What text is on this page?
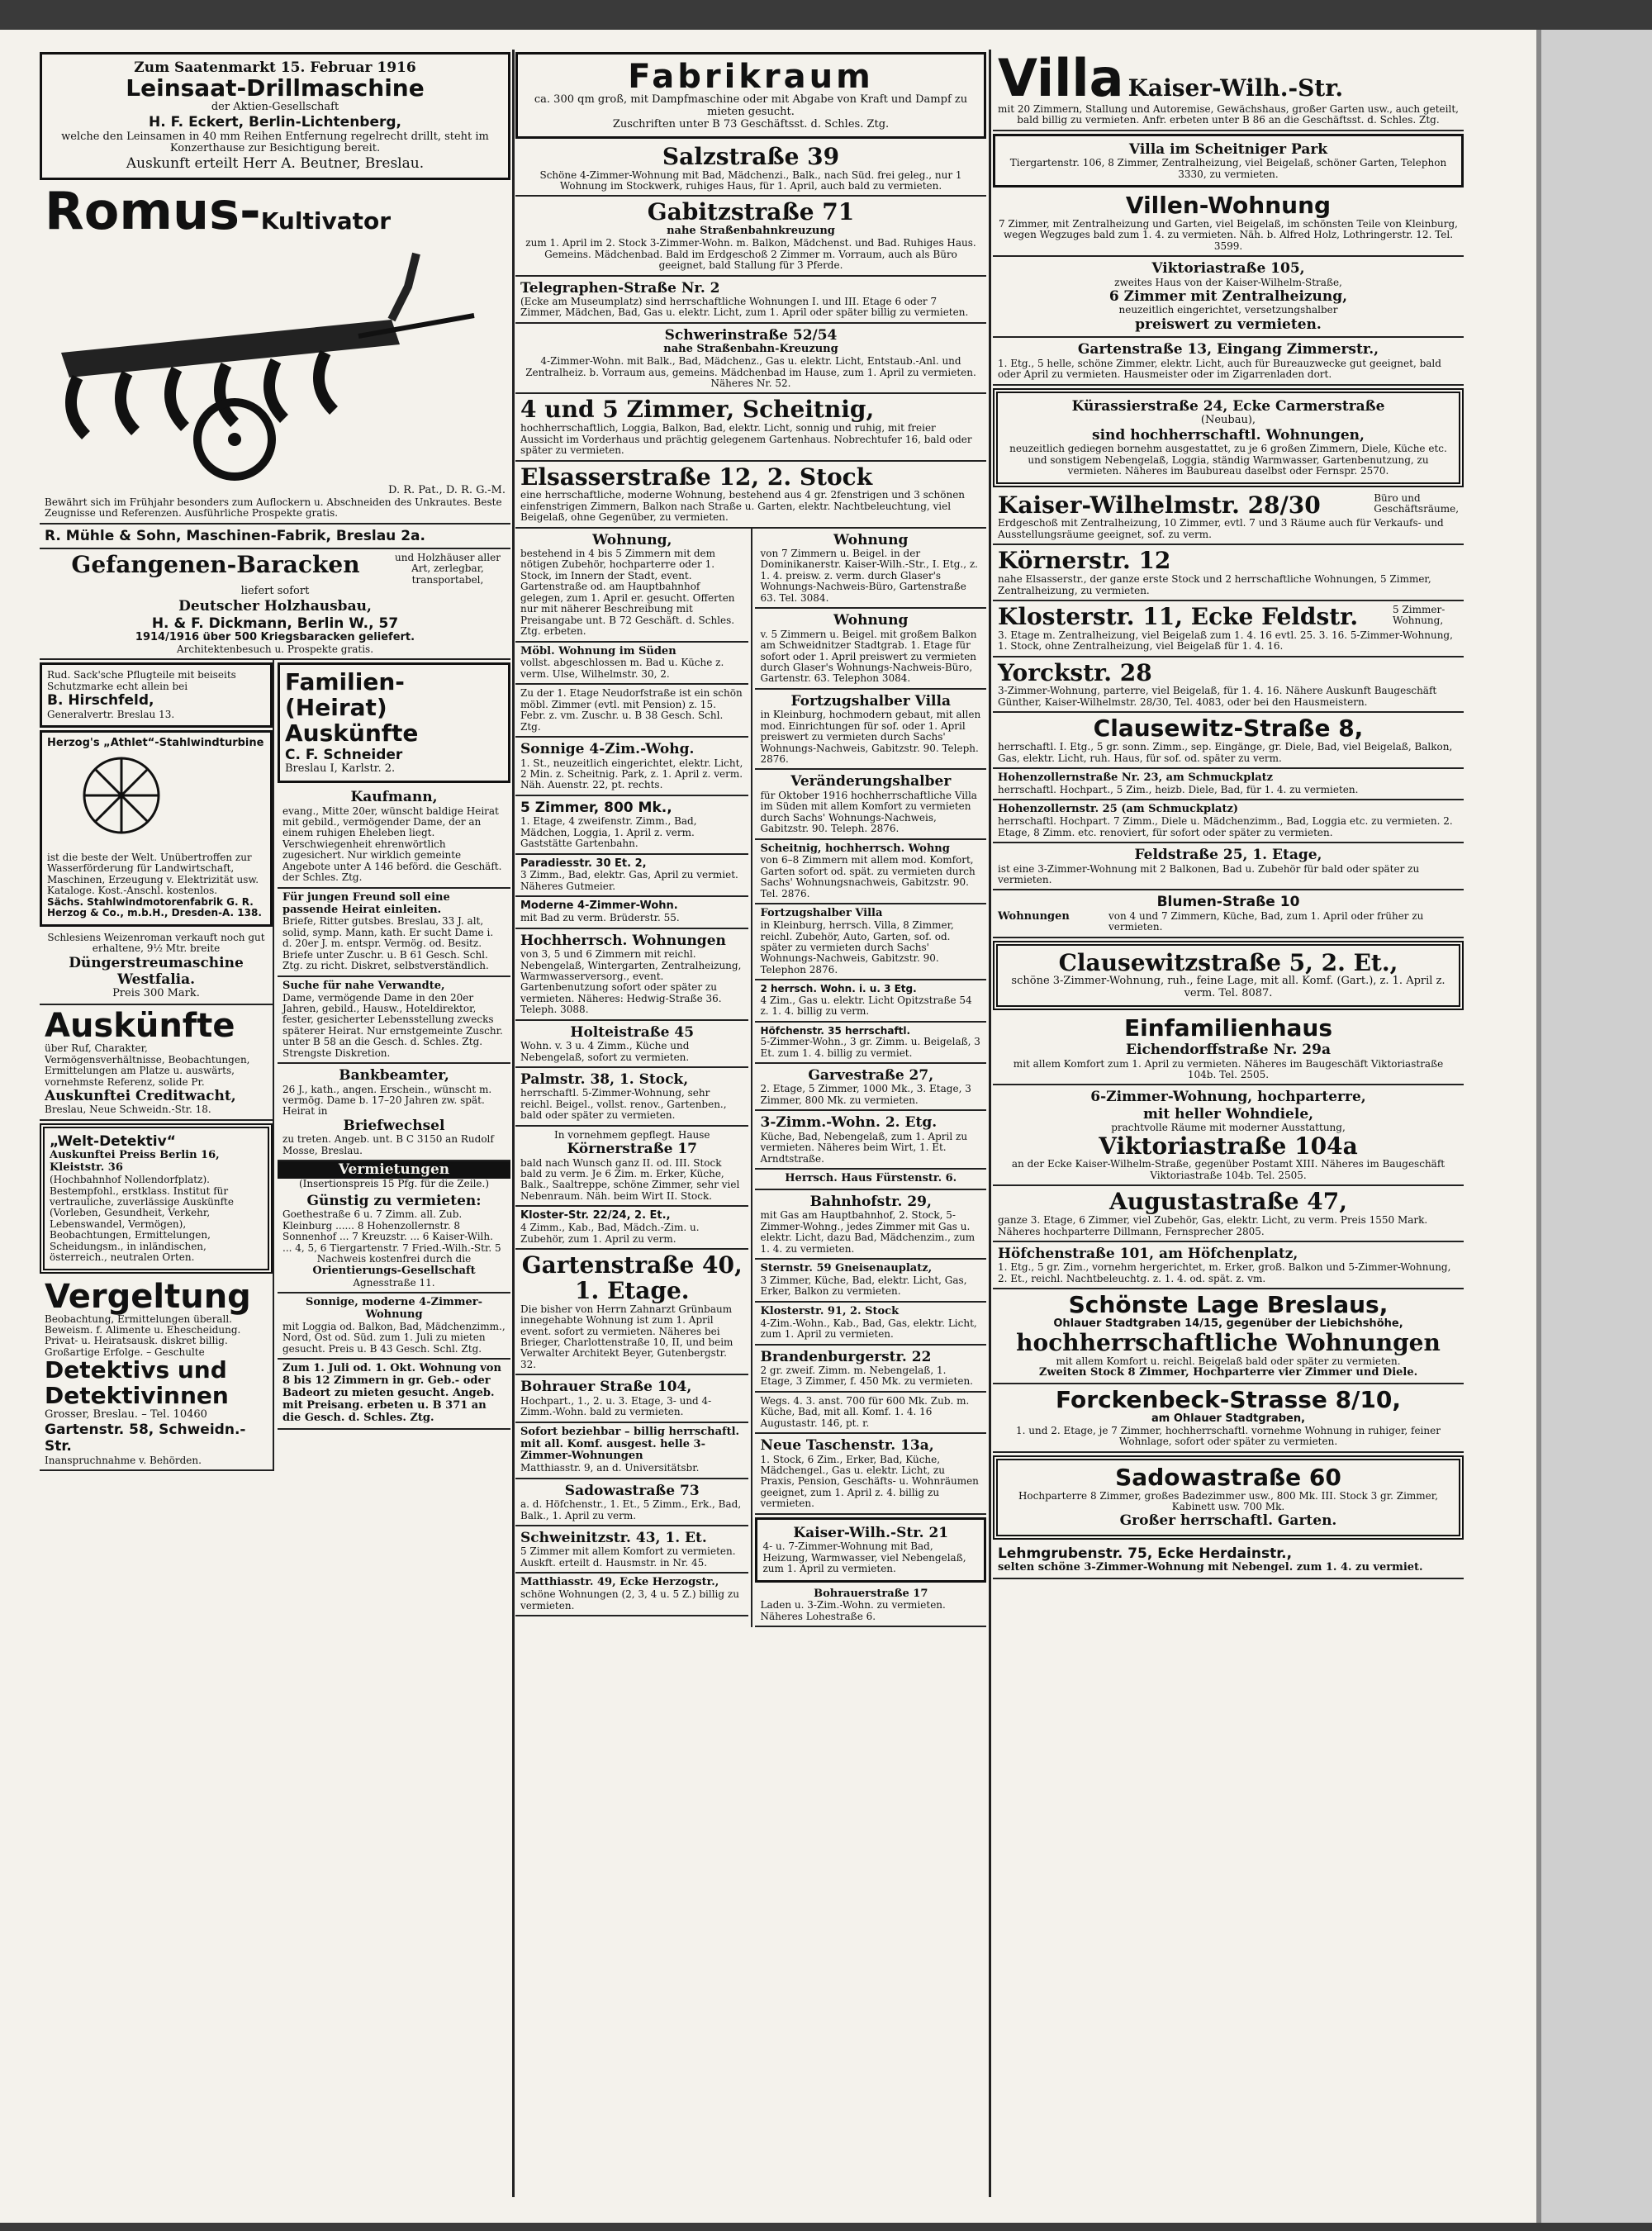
Zum Saatenmarkt 15. Februar 1916
Leinsaat-Drillmaschine
der Aktien-Gesellschaft
H. F. Eckert, Berlin-Lichtenberg,
welche den Leinsamen in 40 mm Reihen Entfernung regelrecht drillt, steht im Konzerthause zur Besichtigung bereit.
Auskunft erteilt Herr A. Beutner, Breslau.
Romus-Kultivator
D. R. Pat., D. R. G.-M.
Bewährt sich im Frühjahr besonders zum Auflockern u. Abschneiden des Unkrautes. Beste Zeugnisse und Referenzen. Ausführliche Prospekte gratis.
R. Mühle & Sohn, Maschinen-Fabrik, Breslau 2a.
Gefangenen-Baracken	und Holzhäuser aller Art, zerlegbar, transportabel,
liefert sofort
Deutscher Holzhausbau,
H. & F. Dickmann, Berlin W., 57
1914/1916 über 500 Kriegsbaracken geliefert.
Architektenbesuch u. Prospekte gratis.
Rud. Sack'sche Pflugteile mit beiseits Schutzmarke echt allein bei
B. Hirschfeld,
Generalvertr. Breslau 13.
Herzog's „Athlet“-Stahlwindturbine
ist die beste der Welt. Unübertroffen zur Wasserförderung für Landwirtschaft, Maschinen, Erzeugung v. Elektrizität usw. Kataloge. Kost.-Anschl. kostenlos.
Sächs. Stahlwindmotorenfabrik G. R. Herzog & Co., m.b.H., Dresden-A. 138.
Schlesiens Weizenroman verkauft noch gut erhaltene, 9½ Mtr. breite
Düngerstreumaschine Westfalia.
Preis 300 Mark.
Auskünfte
über Ruf, Charakter, Vermögensverhältnisse, Beobachtungen, Ermittelungen am Platze u. auswärts, vornehmste Referenz, solide Pr.
Auskunftei Creditwacht,
Breslau, Neue Schweidn.-Str. 18.
„Welt-Detektiv“
Auskunftei Preiss Berlin 16, Kleiststr. 36
(Hochbahnhof Nollendorfplatz). Bestempfohl., erstklass. Institut für vertrauliche, zuverlässige Auskünfte (Vorleben, Gesundheit, Verkehr, Lebenswandel, Vermögen), Beobachtungen, Ermittelungen, Scheidungsm., in inländischen, österreich., neutralen Orten.
Vergeltung
Beobachtung, Ermittelungen überall. Beweism. f. Alimente u. Ehescheidung. Privat- u. Heiratsausk. diskret billig. Großartige Erfolge. – Geschulte
Detektivs und Detektivinnen
Grosser, Breslau. – Tel. 10460
Gartenstr. 58, Schweidn.-Str.
Inanspruchnahme v. Behörden.
Familien-(Heirat) Auskünfte
C. F. Schneider
Breslau I, Karlstr. 2.
Kaufmann,
evang., Mitte 20er, wünscht baldige Heirat mit gebild., vermögender Dame, der an einem ruhigen Eheleben liegt. Verschwiegenheit ehrenwörtlich zugesichert. Nur wirklich gemeinte Angebote unter A 146 beförd. die Geschäft. der Schles. Ztg.
Für jungen Freund soll eine passende Heirat einleiten.
Briefe, Ritter gutsbes. Breslau, 33 J. alt, solid, symp. Mann, kath. Er sucht Dame i. d. 20er J. m. entspr. Vermög. od. Besitz. Briefe unter Zuschr. u. B 61 Gesch. Schl. Ztg. zu richt. Diskret, selbstverständlich.
Suche für nahe Verwandte,
Dame, vermögende Dame in den 20er Jahren, gebild., Hausw., Hoteldirektor, fester, gesicherter Lebensstellung zwecks späterer Heirat. Nur ernstgemeinte Zuschr. unter B 58 an die Gesch. d. Schles. Ztg. Strengste Diskretion.
Bankbeamter,
26 J., kath., angen. Erschein., wünscht m. vermög. Dame b. 17–20 Jahren zw. spät. Heirat in
Briefwechsel
zu treten. Angeb. unt. B C 3150 an Rudolf Mosse, Breslau.
Vermietungen
(Insertionspreis 15 Pfg. für die Zeile.)
Günstig zu vermieten:
Goethestraße 6 u. 7 Zimm. all. Zub. Kleinburg ...... 8 Hohenzollernstr. 8 Sonnenhof ... 7 Kreuzstr. ... 6 Kaiser-Wilh. ... 4, 5, 6 Tiergartenstr. 7 Fried.-Wilh.-Str. 5
Nachweis kostenfrei durch die
Orientierungs-Gesellschaft
Agnesstraße 11.
Sonnige, moderne 4-Zimmer-Wohnung
mit Loggia od. Balkon, Bad, Mädchenzimm., Nord, Ost od. Süd. zum 1. Juli zu mieten gesucht. Preis u. B 43 Gesch. Schl. Ztg.
Zum 1. Juli od. 1. Okt. Wohnung von 8 bis 12 Zimmern in gr. Geb.- oder Badeort zu mieten gesucht. Angeb. mit Preisang. erbeten u. B 371 an die Gesch. d. Schles. Ztg.
Fabrikraum
ca. 300 qm groß, mit Dampfmaschine oder mit Abgabe von Kraft und Dampf zu mieten gesucht.
Zuschriften unter B 73 Geschäftsst. d. Schles. Ztg.
Salzstraße 39
Schöne 4-Zimmer-Wohnung mit Bad, Mädchenzi., Balk., nach Süd. frei geleg., nur 1 Wohnung im Stockwerk, ruhiges Haus, für 1. April, auch bald zu vermieten.
Gabitzstraße 71
nahe Straßenbahnkreuzung
zum 1. April im 2. Stock 3-Zimmer-Wohn. m. Balkon, Mädchenst. und Bad. Ruhiges Haus. Gemeins. Mädchenbad. Bald im Erdgeschoß 2 Zimmer m. Vorraum, auch als Büro geeignet, bald Stallung für 3 Pferde.
Telegraphen-Straße Nr. 2
(Ecke am Museumplatz) sind herrschaftliche Wohnungen I. und III. Etage 6 oder 7 Zimmer, Mädchen, Bad, Gas u. elektr. Licht, zum 1. April oder später billig zu vermieten.
Schwerinstraße 52/54
nahe Straßenbahn-Kreuzung
4-Zimmer-Wohn. mit Balk., Bad, Mädchenz., Gas u. elektr. Licht, Entstaub.-Anl. und Zentralheiz. b. Vorraum aus, gemeins. Mädchenbad im Hause, zum 1. April zu vermieten. Näheres Nr. 52.
4 und 5 Zimmer, Scheitnig,
hochherrschaftlich, Loggia, Balkon, Bad, elektr. Licht, sonnig und ruhig, mit freier Aussicht im Vorderhaus und prächtig gelegenem Gartenhaus. Nobrechtufer 16, bald oder später zu vermieten.
Elsasserstraße 12, 2. Stock
eine herrschaftliche, moderne Wohnung, bestehend aus 4 gr. 2fenstrigen und 3 schönen einfenstrigen Zimmern, Balkon nach Straße u. Garten, elektr. Nachtbeleuchtung, viel Beigelaß, ohne Gegenüber, zu vermieten.
Wohnung,
bestehend in 4 bis 5 Zimmern mit dem nötigen Zubehör, hochparterre oder 1. Stock, im Innern der Stadt, event. Gartenstraße od. am Hauptbahnhof gelegen, zum 1. April er. gesucht. Offerten nur mit näherer Beschreibung mit Preisangabe unt. B 72 Geschäft. d. Schles. Ztg. erbeten.
Möbl. Wohnung im Süden
vollst. abgeschlossen m. Bad u. Küche z. verm. Ulse, Wilhelmstr. 30, 2.
Zu der 1. Etage Neudorfstraße ist ein schön möbl. Zimmer (evtl. mit Pension) z. 15. Febr. z. vm. Zuschr. u. B 38 Gesch. Schl. Ztg.
Sonnige 4-Zim.-Wohg.
1. St., neuzeitlich eingerichtet, elektr. Licht, 2 Min. z. Scheitnig. Park, z. 1. April z. verm. Näh. Auenstr. 22, pt. rechts.
5 Zimmer, 800 Mk.,
1. Etage, 4 zweifenstr. Zimm., Bad, Mädchen, Loggia, 1. April z. verm. Gaststätte Gartenbahn.
Paradiesstr. 30 Et. 2,
3 Zimm., Bad, elektr. Gas, April zu vermiet. Näheres Gutmeier.
Moderne 4-Zimmer-Wohn.
mit Bad zu verm. Brüderstr. 55.
Hochherrsch. Wohnungen
von 3, 5 und 6 Zimmern mit reichl. Nebengelaß, Wintergarten, Zentralheizung, Warmwasserversorg., event. Gartenbenutzung sofort oder später zu vermieten. Näheres: Hedwig-Straße 36. Teleph. 3088.
Holteistraße 45
Wohn. v. 3 u. 4 Zimm., Küche und Nebengelaß, sofort zu vermieten.
Palmstr. 38, 1. Stock,
herrschaftl. 5-Zimmer-Wohnung, sehr reichl. Beigel., vollst. renov., Gartenben., bald oder später zu vermieten.
In vornehmem gepflegt. Hause
Körnerstraße 17
bald nach Wunsch ganz II. od. III. Stock bald zu verm. Je 6 Zim. m. Erker, Küche, Balk., Saaltreppe, schöne Zimmer, sehr viel Nebenraum. Näh. beim Wirt II. Stock.
Kloster-Str. 22/24, 2. Et.,
4 Zimm., Kab., Bad, Mädch.-Zim. u. Zubehör, zum 1. April zu verm.
Gartenstraße 40, 1. Etage.
Die bisher von Herrn Zahnarzt Grünbaum innegehabte Wohnung ist zum 1. April event. sofort zu vermieten. Näheres bei Brieger, Charlottenstraße 10, II, und beim Verwalter Architekt Beyer, Gutenbergstr. 32.
Bohrauer Straße 104,
Hochpart., 1., 2. u. 3. Etage, 3- und 4-Zimm.-Wohn. bald zu vermieten.
Sofort beziehbar – billig herrschaftl. mit all. Komf. ausgest. helle 3-Zimmer-Wohnungen
Matthiasstr. 9, an d. Universitätsbr.
Sadowastraße 73
a. d. Höfchenstr., 1. Et., 5 Zimm., Erk., Bad, Balk., 1. April zu verm.
Schweinitzstr. 43, 1. Et.
5 Zimmer mit allem Komfort zu vermieten. Auskft. erteilt d. Hausmstr. in Nr. 45.
Matthiasstr. 49, Ecke Herzogstr.,
schöne Wohnungen (2, 3, 4 u. 5 Z.) billig zu vermieten.
Wohnung
von 7 Zimmern u. Beigel. in der Dominikanerstr. Kaiser-Wilh.-Str., I. Etg., z. 1. 4. preisw. z. verm. durch Glaser's Wohnungs-Nachweis-Büro, Gartenstraße 63. Tel. 3084.
Wohnung
v. 5 Zimmern u. Beigel. mit großem Balkon am Schweidnitzer Stadtgrab. 1. Etage für sofort oder 1. April preiswert zu vermieten durch Glaser's Wohnungs-Nachweis-Büro, Gartenstr. 63. Telephon 3084.
Fortzugshalber Villa
in Kleinburg, hochmodern gebaut, mit allen mod. Einrichtungen für sof. oder 1. April preiswert zu vermieten durch Sachs' Wohnungs-Nachweis, Gabitzstr. 90. Teleph. 2876.
Veränderungshalber
für Oktober 1916 hochherrschaftliche Villa im Süden mit allem Komfort zu vermieten durch Sachs' Wohnungs-Nachweis, Gabitzstr. 90. Teleph. 2876.
Scheitnig, hochherrsch. Wohng
von 6–8 Zimmern mit allem mod. Komfort, Garten sofort od. spät. zu vermieten durch Sachs' Wohnungsnachweis, Gabitzstr. 90. Tel. 2876.
Fortzugshalber Villa
in Kleinburg, herrsch. Villa, 8 Zimmer, reichl. Zubehör, Auto, Garten, sof. od. später zu vermieten durch Sachs' Wohnungs-Nachweis, Gabitzstr. 90. Telephon 2876.
2 herrsch. Wohn. i. u. 3 Etg.
4 Zim., Gas u. elektr. Licht Opitzstraße 54 z. 1. 4. billig zu verm.
Höfchenstr. 35 herrschaftl.
5-Zimmer-Wohn., 3 gr. Zimm. u. Beigelaß, 3 Et. zum 1. 4. billig zu vermiet.
Garvestraße 27,
2. Etage, 5 Zimmer, 1000 Mk., 3. Etage, 3 Zimmer, 800 Mk. zu vermieten.
3-Zimm.-Wohn. 2. Etg.
Küche, Bad, Nebengelaß, zum 1. April zu vermieten. Näheres beim Wirt, 1. Et. Arndtstraße.
Herrsch. Haus Fürstenstr. 6.
Bahnhofstr. 29,
mit Gas am Hauptbahnhof, 2. Stock, 5-Zimmer-Wohng., jedes Zimmer mit Gas u. elektr. Licht, dazu Bad, Mädchenzim., zum 1. 4. zu vermieten.
Sternstr. 59 Gneisenauplatz,
3 Zimmer, Küche, Bad, elektr. Licht, Gas, Erker, Balkon zu vermieten.
Klosterstr. 91, 2. Stock
4-Zim.-Wohn., Kab., Bad, Gas, elektr. Licht, zum 1. April zu vermieten.
Brandenburgerstr. 22
2 gr. zweif. Zimm. m. Nebengelaß, 1. Etage, 3 Zimmer, f. 450 Mk. zu vermieten.
Wegs. 4. 3. anst. 700 für 600 Mk. Zub. m. Küche, Bad, mit all. Komf. 1. 4. 16 Augustastr. 146, pt. r.
Neue Taschenstr. 13a,
1. Stock, 6 Zim., Erker, Bad, Küche, Mädchengel., Gas u. elektr. Licht, zu Praxis, Pension, Geschäfts- u. Wohnräumen geeignet, zum 1. April z. 4. billig zu vermieten.
Kaiser-Wilh.-Str. 21
4- u. 7-Zimmer-Wohnung mit Bad, Heizung, Warmwasser, viel Nebengelaß, zum 1. April zu vermieten.
Bohrauerstraße 17
Laden u. 3-Zim.-Wohn. zu vermieten. Näheres Lohestraße 6.
Villa Kaiser-Wilh.-Str.
mit 20 Zimmern, Stallung und Autoremise, Gewächshaus, großer Garten usw., auch geteilt, bald billig zu vermieten. Anfr. erbeten unter B 86 an die Geschäftsst. d. Schles. Ztg.
Villa im Scheitniger Park
Tiergartenstr. 106, 8 Zimmer, Zentralheizung, viel Beigelaß, schöner Garten, Telephon 3330, zu vermieten.
Villen-Wohnung
7 Zimmer, mit Zentralheizung und Garten, viel Beigelaß, im schönsten Teile von Kleinburg, wegen Wegzuges bald zum 1. 4. zu vermieten. Näh. b. Alfred Holz, Lothringerstr. 12. Tel. 3599.
Viktoriastraße 105,
zweites Haus von der Kaiser-Wilhelm-Straße,
6 Zimmer mit Zentralheizung,
neuzeitlich eingerichtet, versetzungshalber
preiswert zu vermieten.
Gartenstraße 13, Eingang Zimmerstr.,
1. Etg., 5 helle, schöne Zimmer, elektr. Licht, auch für Bureauzwecke gut geeignet, bald oder April zu vermieten. Hausmeister oder im Zigarrenladen dort.
Kürassierstraße 24, Ecke Carmerstraße
(Neubau),
sind hochherrschaftl. Wohnungen,
neuzeitlich gediegen bornehm ausgestattet, zu je 6 großen Zimmern, Diele, Küche etc. und sonstigem Nebengelaß, Loggia, ständig Warmwasser, Gartenbenutzung, zu vermieten. Näheres im Baubureau daselbst oder Fernspr. 2570.
Kaiser-Wilhelmstr. 28/30	Büro und Geschäftsräume,
Erdgeschoß mit Zentralheizung, 10 Zimmer, evtl. 7 und 3 Räume auch für Verkaufs- und Ausstellungsräume geeignet, sof. zu verm.
Körnerstr. 12
nahe Elsasserstr., der ganze erste Stock und 2 herrschaftliche Wohnungen, 5 Zimmer, Zentralheizung, zu vermieten.
Klosterstr. 11, Ecke Feldstr.	5 Zimmer-Wohnung,
3. Etage m. Zentralheizung, viel Beigelaß zum 1. 4. 16 evtl. 25. 3. 16. 5-Zimmer-Wohnung, 1. Stock, ohne Zentralheizung, viel Beigelaß für 1. 4. 16.
Yorckstr. 28
3-Zimmer-Wohnung, parterre, viel Beigelaß, für 1. 4. 16. Nähere Auskunft Baugeschäft Günther, Kaiser-Wilhelmstr. 28/30, Tel. 4083, oder bei den Hausmeistern.
Clausewitz-Straße 8,
herrschaftl. I. Etg., 5 gr. sonn. Zimm., sep. Eingänge, gr. Diele, Bad, viel Beigelaß, Balkon, Gas, elektr. Licht, ruh. Haus, für sof. od. später zu verm.
Hohenzollernstraße Nr. 23, am Schmuckplatz
herrschaftl. Hochpart., 5 Zim., heizb. Diele, Bad, für 1. 4. zu vermieten.
Hohenzollernstr. 25 (am Schmuckplatz)
herrschaftl. Hochpart. 7 Zimm., Diele u. Mädchenzimm., Bad, Loggia etc. zu vermieten. 2. Etage, 8 Zimm. etc. renoviert, für sofort oder später zu vermieten.
Feldstraße 25, 1. Etage,
ist eine 3-Zimmer-Wohnung mit 2 Balkonen, Bad u. Zubehör für bald oder später zu vermieten.
Blumen-Straße 10
Wohnungen	von 4 und 7 Zimmern, Küche, Bad, zum 1. April oder früher zu vermieten.
Clausewitzstraße 5, 2. Et.,
schöne 3-Zimmer-Wohnung, ruh., feine Lage, mit all. Komf. (Gart.), z. 1. April z. verm. Tel. 8087.
Einfamilienhaus
Eichendorffstraße Nr. 29a
mit allem Komfort zum 1. April zu vermieten. Näheres im Baugeschäft Viktoriastraße 104b. Tel. 2505.
6-Zimmer-Wohnung, hochparterre,
mit heller Wohndiele,
prachtvolle Räume mit moderner Ausstattung,
Viktoriastraße 104a
an der Ecke Kaiser-Wilhelm-Straße, gegenüber Postamt XIII. Näheres im Baugeschäft Viktoriastraße 104b. Tel. 2505.
Augustastraße 47,
ganze 3. Etage, 6 Zimmer, viel Zubehör, Gas, elektr. Licht, zu verm. Preis 1550 Mark. Näheres hochparterre Dillmann, Fernsprecher 2805.
Höfchenstraße 101, am Höfchenplatz,
1. Etg., 5 gr. Zim., vornehm hergerichtet, m. Erker, groß. Balkon und 5-Zimmer-Wohnung, 2. Et., reichl. Nachtbeleuchtg. z. 1. 4. od. spät. z. vm.
Schönste Lage Breslaus,
Ohlauer Stadtgraben 14/15, gegenüber der Liebichshöhe,
hochherrschaftliche Wohnungen
mit allem Komfort u. reichl. Beigelaß bald oder später zu vermieten.
Zweiten Stock 8 Zimmer, Hochparterre vier Zimmer und Diele.
Forckenbeck-Strasse 8/10,
am Ohlauer Stadtgraben,
1. und 2. Etage, je 7 Zimmer, hochherrschaftl. vornehme Wohnung in ruhiger, feiner Wohnlage, sofort oder später zu vermieten.
Sadowastraße 60
Hochparterre 8 Zimmer, großes Badezimmer usw., 800 Mk. III. Stock 3 gr. Zimmer, Kabinett usw. 700 Mk.
Großer herrschaftl. Garten.
Lehmgrubenstr. 75, Ecke Herdainstr.,
selten schöne 3-Zimmer-Wohnung mit Nebengel. zum 1. 4. zu vermiet.
